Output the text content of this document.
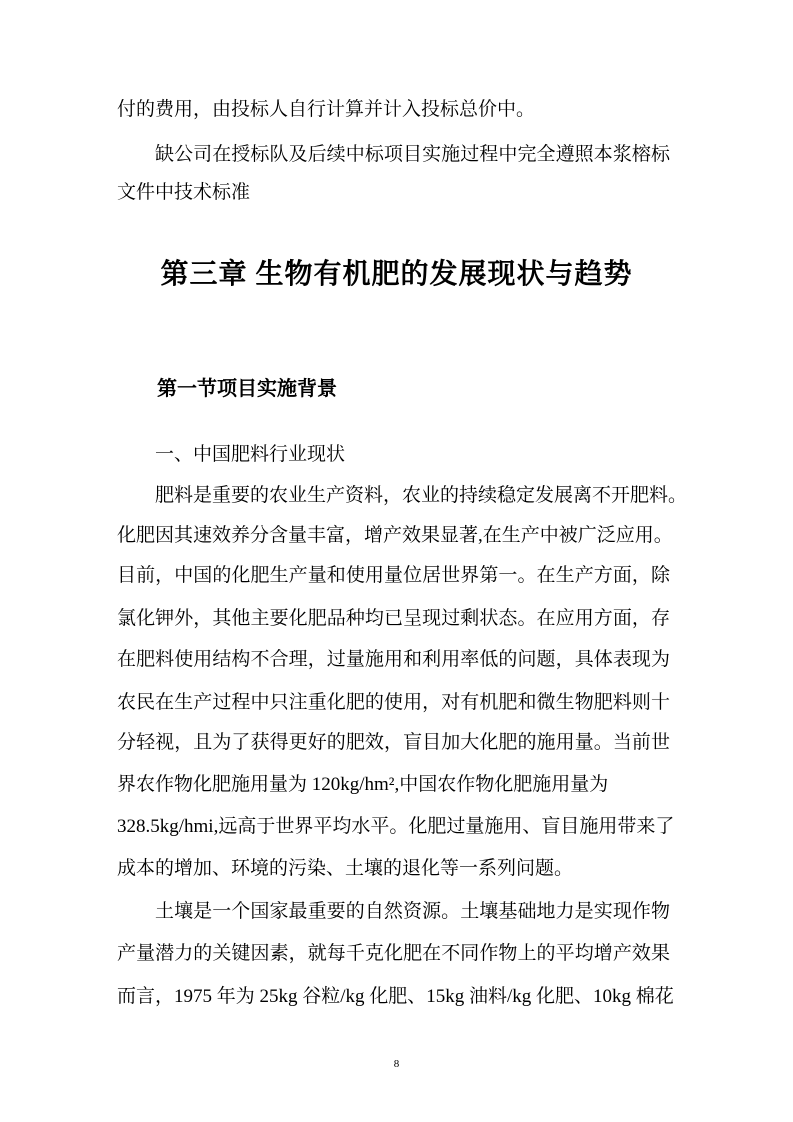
付的费用，由投标人自行计算并计入投标总价中。
缺公司在授标队及后续中标项目实施过程中完全遵照本浆榕标
文件中技术标准
第三章 生物有机肥的发展现状与趋势
第一节项目实施背景
一、中国肥料行业现状
肥料是重要的农业生产资料，农业的持续稳定发展离不开肥料。
化肥因其速效养分含量丰富，增产效果显著,在生产中被广泛应用。
目前，中国的化肥生产量和使用量位居世界第一。在生产方面，除
氯化钾外，其他主要化肥品种均已呈现过剩状态。在应用方面，存
在肥料使用结构不合理，过量施用和利用率低的问题，具体表现为
农民在生产过程中只注重化肥的使用，对有机肥和微生物肥料则十
分轻视，且为了获得更好的肥效，盲目加大化肥的施用量。当前世
界农作物化肥施用量为 120kg/hm²,中国农作物化肥施用量为
328.5kg/hmi,远高于世界平均水平。化肥过量施用、盲目施用带来了
成本的增加、环境的污染、土壤的退化等一系列问题。
土壤是一个国家最重要的自然资源。土壤基础地力是实现作物
产量潜力的关键因素，就每千克化肥在不同作物上的平均增产效果
而言，1975 年为 25kg 谷粒/kg 化肥、15kg 油料/kg 化肥、10kg 棉花
8
